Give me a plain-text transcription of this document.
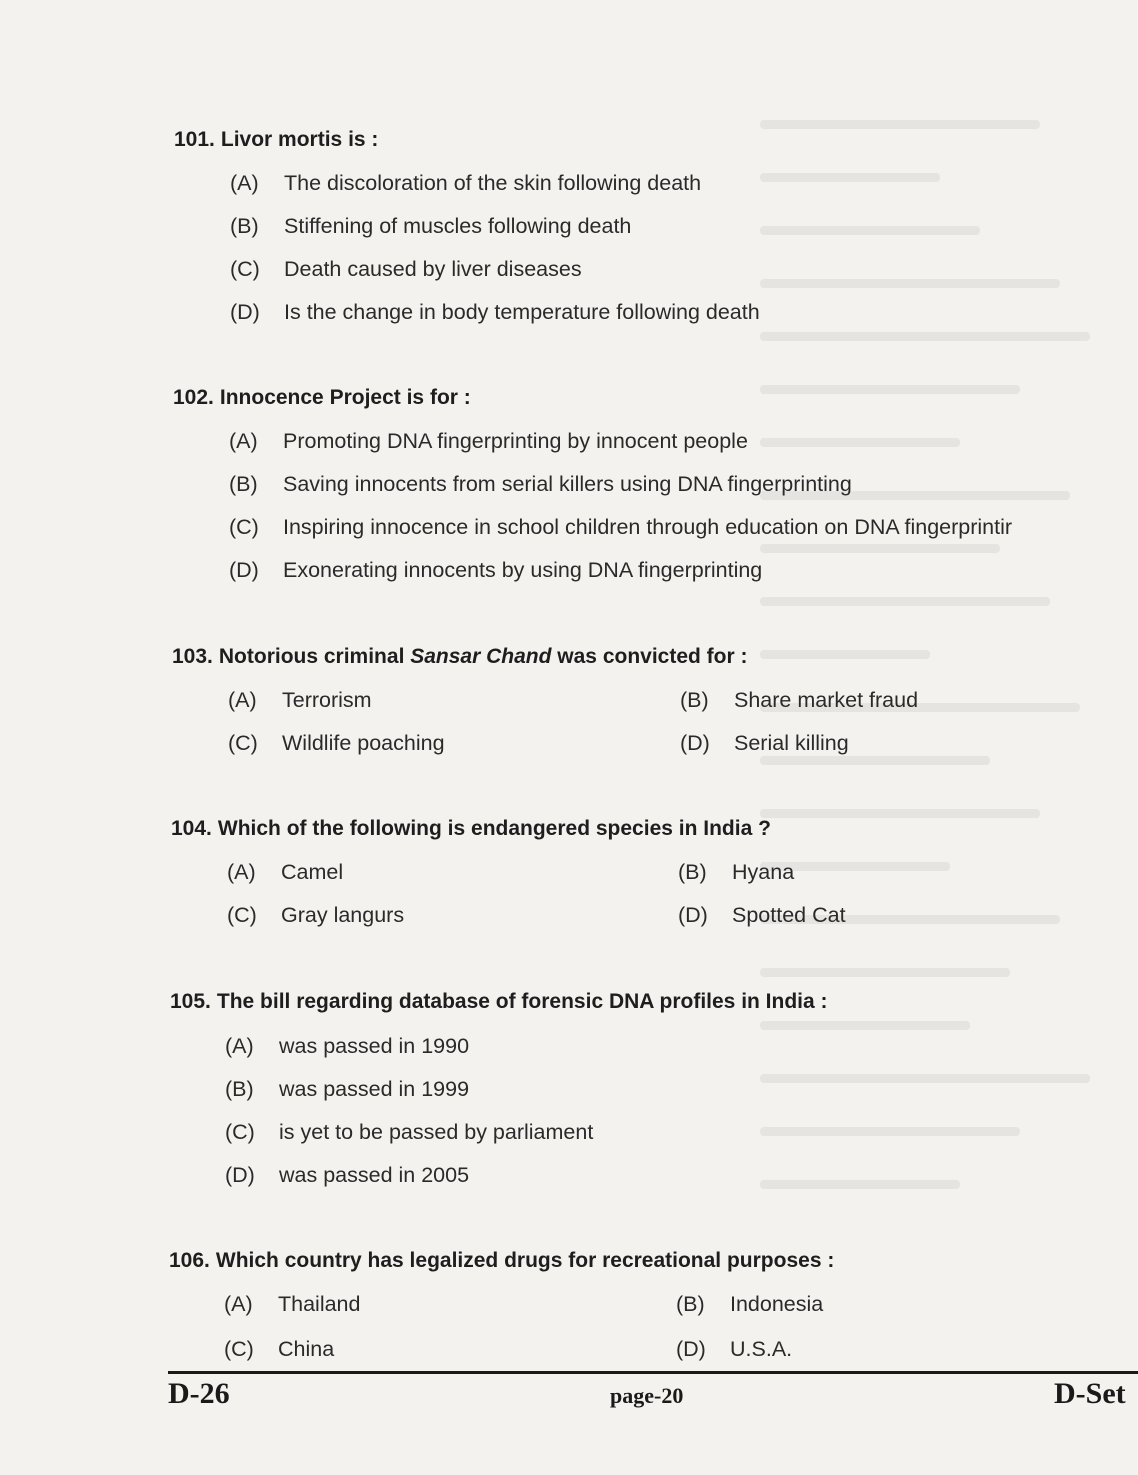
101. Livor mortis is :
(A) The discoloration of the skin following death
(B) Stiffening of muscles following death
(C) Death caused by liver diseases
(D) Is the change in body temperature following death
102. Innocence Project is for :
(A) Promoting DNA fingerprinting by innocent people
(B) Saving innocents from serial killers using DNA fingerprinting
(C) Inspiring innocence in school children through education on DNA fingerprintir
(D) Exonerating innocents by using DNA fingerprinting
103. Notorious criminal Sansar Chand was convicted for :
(A) Terrorism	(B) Share market fraud
(C) Wildlife poaching	(D) Serial killing
104. Which of the following is endangered species in India ?
(A) Camel	(B) Hyana
(C) Gray langurs	(D) Spotted Cat
105. The bill regarding database of forensic DNA profiles in India :
(A) was passed in 1990
(B) was passed in 1999
(C) is yet to be passed by parliament
(D) was passed in 2005
106. Which country has legalized drugs for recreational purposes :
(A) Thailand	(B) Indonesia
(C) China	(D) U.S.A.
D-26	page-20	D-Set
